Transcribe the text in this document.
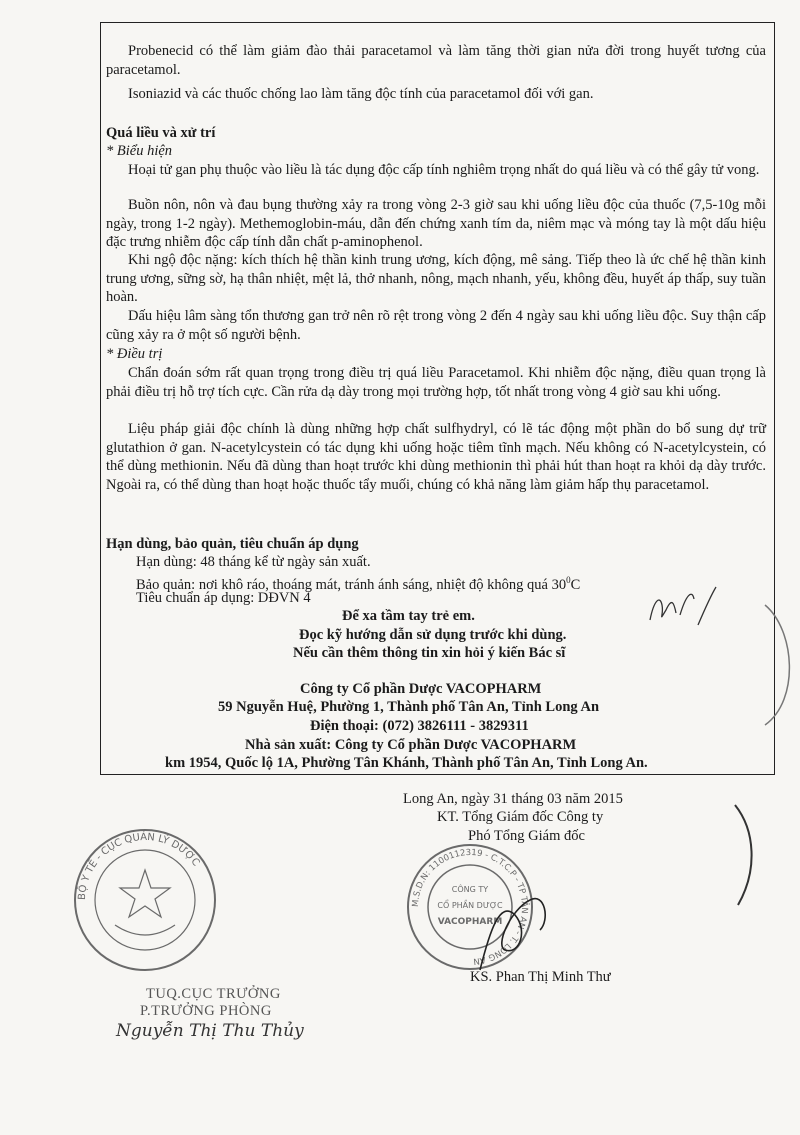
Probenecid có thể làm giảm đào thải paracetamol và làm tăng thời gian nửa đời trong huyết tương của paracetamol.
Isoniazid và các thuốc chống lao làm tăng độc tính của paracetamol đối với gan.
Quá liều và xử trí
* Biểu hiện
Hoại tử gan phụ thuộc vào liều là tác dụng độc cấp tính nghiêm trọng nhất do quá liều và có thể gây tử vong.
Buồn nôn, nôn và đau bụng thường xảy ra trong vòng 2-3 giờ sau khi uống liều độc của thuốc (7,5-10g mỗi ngày, trong 1-2 ngày). Methemoglobin-máu, dẫn đến chứng xanh tím da, niêm mạc và móng tay là một dấu hiệu đặc trưng nhiễm độc cấp tính dẫn chất p-aminophenol.
Khi ngộ độc nặng: kích thích hệ thần kinh trung ương, kích động, mê sảng. Tiếp theo là ức chế hệ thần kinh trung ương, sững sờ, hạ thân nhiệt, mệt lả, thở nhanh, nông, mạch nhanh, yếu, không đều, huyết áp thấp, suy tuần hoàn.
Dấu hiệu lâm sàng tổn thương gan trở nên rõ rệt trong vòng 2 đến 4 ngày sau khi uống liều độc. Suy thận cấp cũng xảy ra ở một số người bệnh.
* Điều trị
Chẩn đoán sớm rất quan trọng trong điều trị quá liều Paracetamol. Khi nhiễm độc nặng, điều quan trọng là phải điều trị hỗ trợ tích cực. Cần rửa dạ dày trong mọi trường hợp, tốt nhất trong vòng 4 giờ sau khi uống.
Liệu pháp giải độc chính là dùng những hợp chất sulfhydryl, có lẽ tác động một phần do bổ sung dự trữ glutathion ở gan. N-acetylcystein có tác dụng khi uống hoặc tiêm tĩnh mạch. Nếu không có N-acetylcystein, có thể dùng methionin. Nếu đã dùng than hoạt trước khi dùng methionin thì phải hút than hoạt ra khỏi dạ dày trước. Ngoài ra, có thể dùng than hoạt hoặc thuốc tẩy muối, chúng có khả năng làm giảm hấp thụ paracetamol.
Hạn dùng, bảo quản, tiêu chuẩn áp dụng
Hạn dùng: 48 tháng kể từ ngày sản xuất.
Bảo quản: nơi khô ráo, thoáng mát, tránh ánh sáng, nhiệt độ không quá $30^0C$
Tiêu chuẩn áp dụng: DĐVN 4
Để xa tầm tay trẻ em.
Đọc kỹ hướng dẫn sử dụng trước khi dùng.
Nếu cần thêm thông tin xin hỏi ý kiến Bác sĩ
Công ty Cổ phần Dược VACOPHARM
59 Nguyễn Huệ, Phường 1, Thành phố Tân An, Tỉnh Long An
Điện thoại: (072) 3826111 - 3829311
Nhà sản xuất: Công ty Cổ phần Dược VACOPHARM
km 1954, Quốc lộ 1A, Phường Tân Khánh, Thành phố Tân An, Tỉnh Long An.
Long An, ngày 31 tháng 03 năm 2015
KT. Tổng Giám đốc Công ty
Phó Tổng Giám đốc
M.S.D.N: 1100112319 - C.T.C.P - TP TÂN AN - T. LONG AN
CÔNG TY
CỔ PHẦN DƯỢC
VACOPHARM
KS. Phan Thị Minh Thư
BỘ Y TẾ - CỤC QUẢN LÝ DƯỢC
TUQ.CỤC TRƯỞNG
P.TRƯỞNG PHÒNG
Nguyễn Thị Thu Thủy
